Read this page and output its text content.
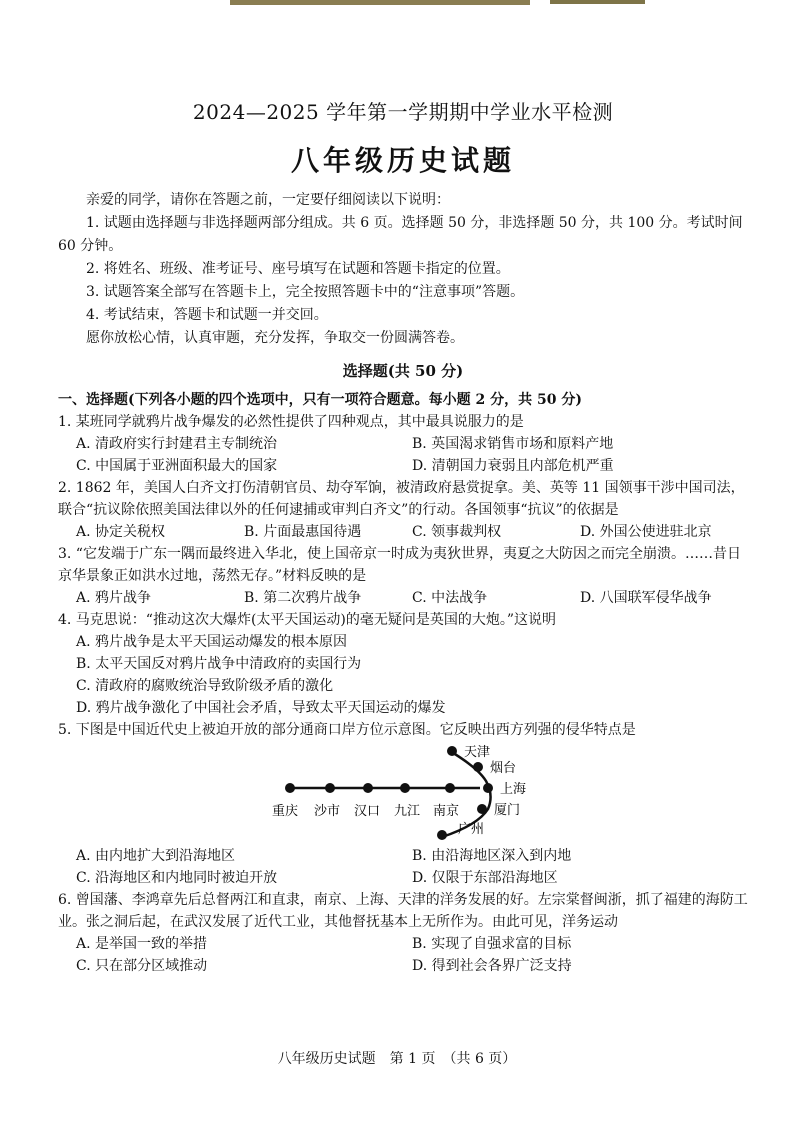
2024—2025 学年第一学期期中学业水平检测
八年级历史试题

亲爱的同学，请你在答题之前，一定要仔细阅读以下说明：

1. 试题由选择题与非选择题两部分组成。共 6 页。选择题 50 分，非选择题 50 分，共 100 分。考试时间 60 分钟。

2. 将姓名、班级、准考证号、座号填写在试题和答题卡指定的位置。

3. 试题答案全部写在答题卡上，完全按照答题卡中的“注意事项”答题。

4. 考试结束，答题卡和试题一并交回。

愿你放松心情，认真审题，充分发挥，争取交一份圆满答卷。

选择题(共 50 分)
一、选择题(下列各小题的四个选项中，只有一项符合题意。每小题 2 分，共 50 分)
1. 某班同学就鸦片战争爆发的必然性提供了四种观点，其中最具说服力的是
A. 清政府实行封建君主专制统治	B. 英国渴求销售市场和原料产地
C. 中国属于亚洲面积最大的国家	D. 清朝国力衰弱且内部危机严重
2. 1862 年，美国人白齐文打伤清朝官员、劫夺军饷，被清政府悬赏捉拿。美、英等 11 国领事干涉中国司法，联合“抗议除依照美国法律以外的任何逮捕或审判白齐文”的行动。各国领事“抗议”的依据是
A. 协定关税权	B. 片面最惠国待遇	C. 领事裁判权	D. 外国公使进驻北京
3. “它发端于广东一隅而最终进入华北，使上国帝京一时成为夷狄世界，夷夏之大防因之而完全崩溃。……昔日京华景象正如洪水过地，荡然无存。”材料反映的是
A. 鸦片战争	B. 第二次鸦片战争	C. 中法战争	D. 八国联军侵华战争
4. 马克思说：“推动这次大爆炸(太平天国运动)的毫无疑问是英国的大炮。”这说明
A. 鸦片战争是太平天国运动爆发的根本原因
B. 太平天国反对鸦片战争中清政府的卖国行为
C. 清政府的腐败统治导致阶级矛盾的激化
D. 鸦片战争激化了中国社会矛盾，导致太平天国运动的爆发
5. 下图是中国近代史上被迫开放的部分通商口岸方位示意图。它反映出西方列强的侵华特点是
天津
烟台
上海
重庆 沙市 汉口 九江 南京	厦门
广州
A. 由内地扩大到沿海地区	B. 由沿海地区深入到内地
C. 沿海地区和内地同时被迫开放	D. 仅限于东部沿海地区
6. 曾国藩、李鸿章先后总督两江和直隶，南京、上海、天津的洋务发展的好。左宗棠督闽浙，抓了福建的海防工业。张之洞后起，在武汉发展了近代工业，其他督抚基本上无所作为。由此可见，洋务运动
A. 是举国一致的举措	B. 实现了自强求富的目标
C. 只在部分区域推动	D. 得到社会各界广泛支持
八年级历史试题　第 1 页　（共 6 页）
